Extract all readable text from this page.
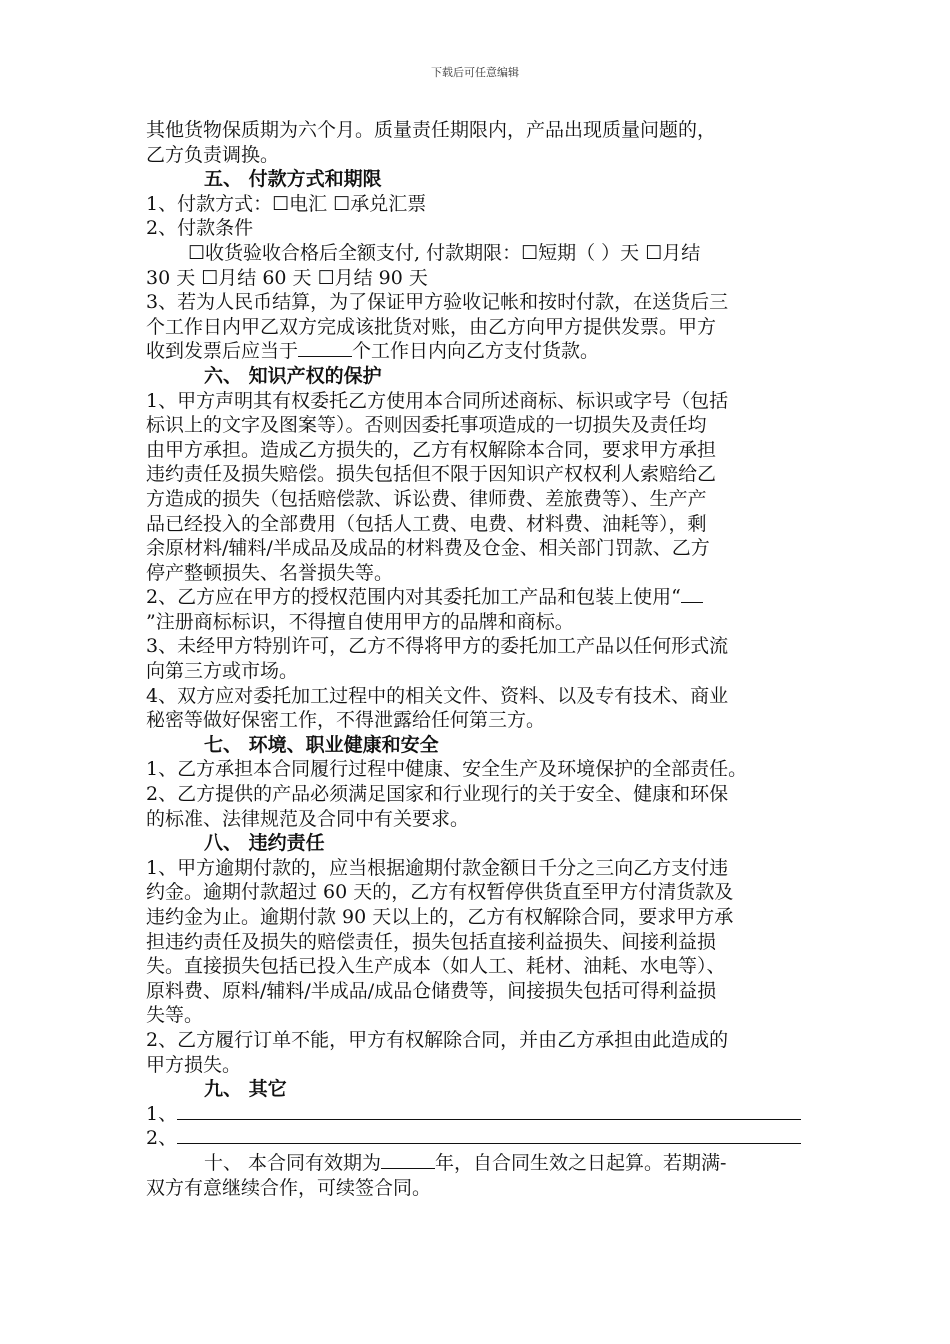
下载后可任意编辑

其他货物保质期为六个月。质量责任期限内，产品出现质量问题的，

乙方负责调换。

五、 付款方式和期限

1、付款方式：☐电汇 ☐承兑汇票

2、付款条件

☐收货验收合格后全额支付, 付款期限：☐短期（ ）天 ☐月结

30 天 ☐月结 60 天 ☐月结 90 天

3、若为人民币结算，为了保证甲方验收记帐和按时付款，在送货后三

个工作日内甲乙双方完成该批货对账，由乙方向甲方提供发票。甲方

收到发票后应当于	个工作日内向乙方支付货款。

六、 知识产权的保护

1、甲方声明其有权委托乙方使用本合同所述商标、标识或字号（包括

标识上的文字及图案等）。否则因委托事项造成的一切损失及责任均

由甲方承担。造成乙方损失的，乙方有权解除本合同，要求甲方承担

违约责任及损失赔偿。损失包括但不限于因知识产权权利人索赔给乙

方造成的损失（包括赔偿款、诉讼费、律师费、差旅费等）、生产产

品已经投入的全部费用（包括人工费、电费、材料费、油耗等），剩

余原材料/辅料/半成品及成品的材料费及仓金、相关部门罚款、乙方

停产整顿损失、名誉损失等。

2、乙方应在甲方的授权范围内对其委托加工产品和包装上使用“

”注册商标标识，不得擅自使用甲方的品牌和商标。

3、未经甲方特别许可，乙方不得将甲方的委托加工产品以任何形式流

向第三方或市场。

4、双方应对委托加工过程中的相关文件、资料、以及专有技术、商业

秘密等做好保密工作，不得泄露给任何第三方。

七、 环境、职业健康和安全

1、乙方承担本合同履行过程中健康、安全生产及环境保护的全部责任。

2、乙方提供的产品必须满足国家和行业现行的关于安全、健康和环保

的标准、法律规范及合同中有关要求。

八、 违约责任

1、甲方逾期付款的，应当根据逾期付款金额日千分之三向乙方支付违

约金。逾期付款超过 60 天的，乙方有权暂停供货直至甲方付清货款及

违约金为止。逾期付款 90 天以上的，乙方有权解除合同，要求甲方承

担违约责任及损失的赔偿责任，损失包括直接利益损失、间接利益损

失。直接损失包括已投入生产成本（如人工、耗材、油耗、水电等）、

原料费、原料/辅料/半成品/成品仓储费等，间接损失包括可得利益损

失等。

2、乙方履行订单不能，甲方有权解除合同，并由乙方承担由此造成的

甲方损失。

九、 其它

1、

2、

十、 本合同有效期为	年，自合同生效之日起算。若期满-

双方有意继续合作，可续签合同。
